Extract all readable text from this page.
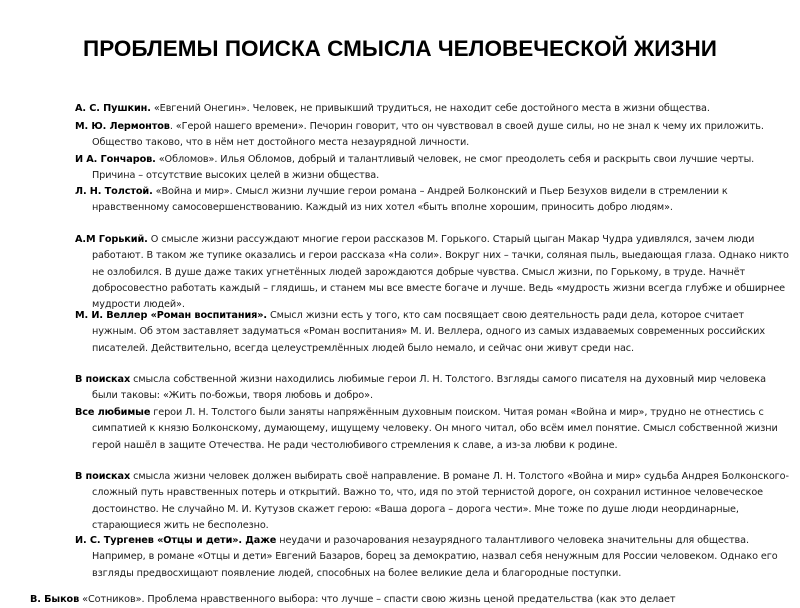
ПРОБЛЕМЫ ПОИСКА СМЫСЛА ЧЕЛОВЕЧЕСКОЙ ЖИЗНИ
А. С. Пушкин. «Евгений Онегин». Человек, не привыкший трудиться, не находит себе достойного места в жизни общества.
М. Ю. Лермонтов. «Герой нашего времени». Печорин говорит, что он чувствовал в своей душе силы, но не знал к чему их приложить. Общество таково, что в нём нет достойного места незаурядной личности.
И А. Гончаров. «Обломов». Илья Обломов, добрый и талантливый человек, не смог преодолеть себя и раскрыть свои лучшие черты. Причина – отсутствие высоких целей в жизни общества.
Л. Н. Толстой. «Война и мир». Смысл жизни лучшие герои романа – Андрей Болконский и Пьер Безухов видели в стремлении к нравственному самосовершенствованию. Каждый из них хотел «быть вполне хорошим, приносить добро людям».
А.М Горький. О смысле жизни рассуждают многие герои рассказов М. Горького. Старый цыган Макар Чудра удивлялся, зачем люди работают. В таком же тупике оказались и герои рассказа «На соли». Вокруг них – тачки, соляная пыль, выедающая глаза. Однако никто не озлобился. В душе даже таких угнетённых людей зарождаются добрые чувства. Смысл жизни, по Горькому, в труде. Начнёт добросовестно работать каждый – глядишь, и станем мы все вместе богаче и лучше. Ведь «мудрость жизни всегда глубже и обширнее мудрости людей».
М. И. Веллер «Роман воспитания». Смысл жизни есть у того, кто сам посвящает свою деятельность ради дела, которое считает нужным. Об этом заставляет задуматься «Роман воспитания» М. И. Веллера, одного из самых издаваемых современных российских писателей. Действительно, всегда целеустремлённых людей было немало, и сейчас они живут среди нас.
В поисках смысла собственной жизни находились любимые герои Л. Н. Толстого. Взгляды самого писателя на духовный мир человека были таковы: «Жить по-божьи, творя любовь и добро».
Все любимые герои Л. Н. Толстого были заняты напряжённым духовным поиском. Читая роман «Война и мир», трудно не отнестись с симпатией к князю Болконскому, думающему, ищущему человеку. Он много читал, обо всём имел понятие. Смысл собственной жизни герой нашёл в защите Отечества. Не ради честолюбивого стремления к славе, а из-за любви к родине.
В поисках смысла жизни человек должен выбирать своё направление. В романе Л. Н. Толстого «Война и мир» судьба Андрея Болконского- сложный путь нравственных потерь и открытий. Важно то, что, идя по этой тернистой дороге, он сохранил истинное человеческое достоинство. Не случайно М. И. Кутузов скажет герою: «Ваша дорога – дорога чести». Мне тоже по душе люди неординарные, старающиеся жить не бесполезно.
И. С. Тургенев «Отцы и дети». Даже неудачи и разочарования незаурядного талантливого человека значительны для общества. Например, в романе «Отцы и дети» Евгений Базаров, борец за демократию, назвал себя ненужным для России человеком. Однако его взгляды предвосхищают появление людей, способных на более великие дела и благородные поступки.
В. Быков «Сотников». Проблема нравственного выбора: что лучше – спасти свою жизнь ценой предательства (как это делает
